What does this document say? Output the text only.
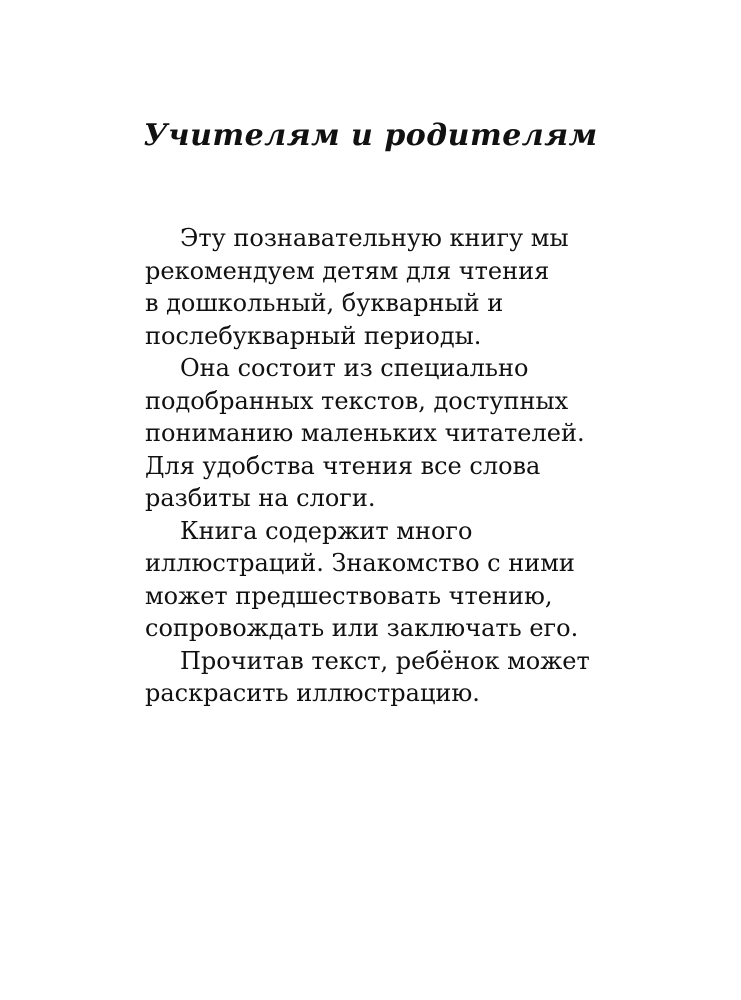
Учителям и родителям

Эту познавательную книгу мы
рекомендуем детям для чтения
в дошкольный, букварный и
послебукварный периоды.

Она состоит из специально
подобранных текстов, доступных
пониманию маленьких читателей.
Для удобства чтения все слова
разбиты на слоги.

Книга содержит много
иллюстраций. Знакомство с ними
может предшествовать чтению,
сопровождать или заключать его.

Прочитав текст, ребёнок может
раскрасить иллюстрацию.
